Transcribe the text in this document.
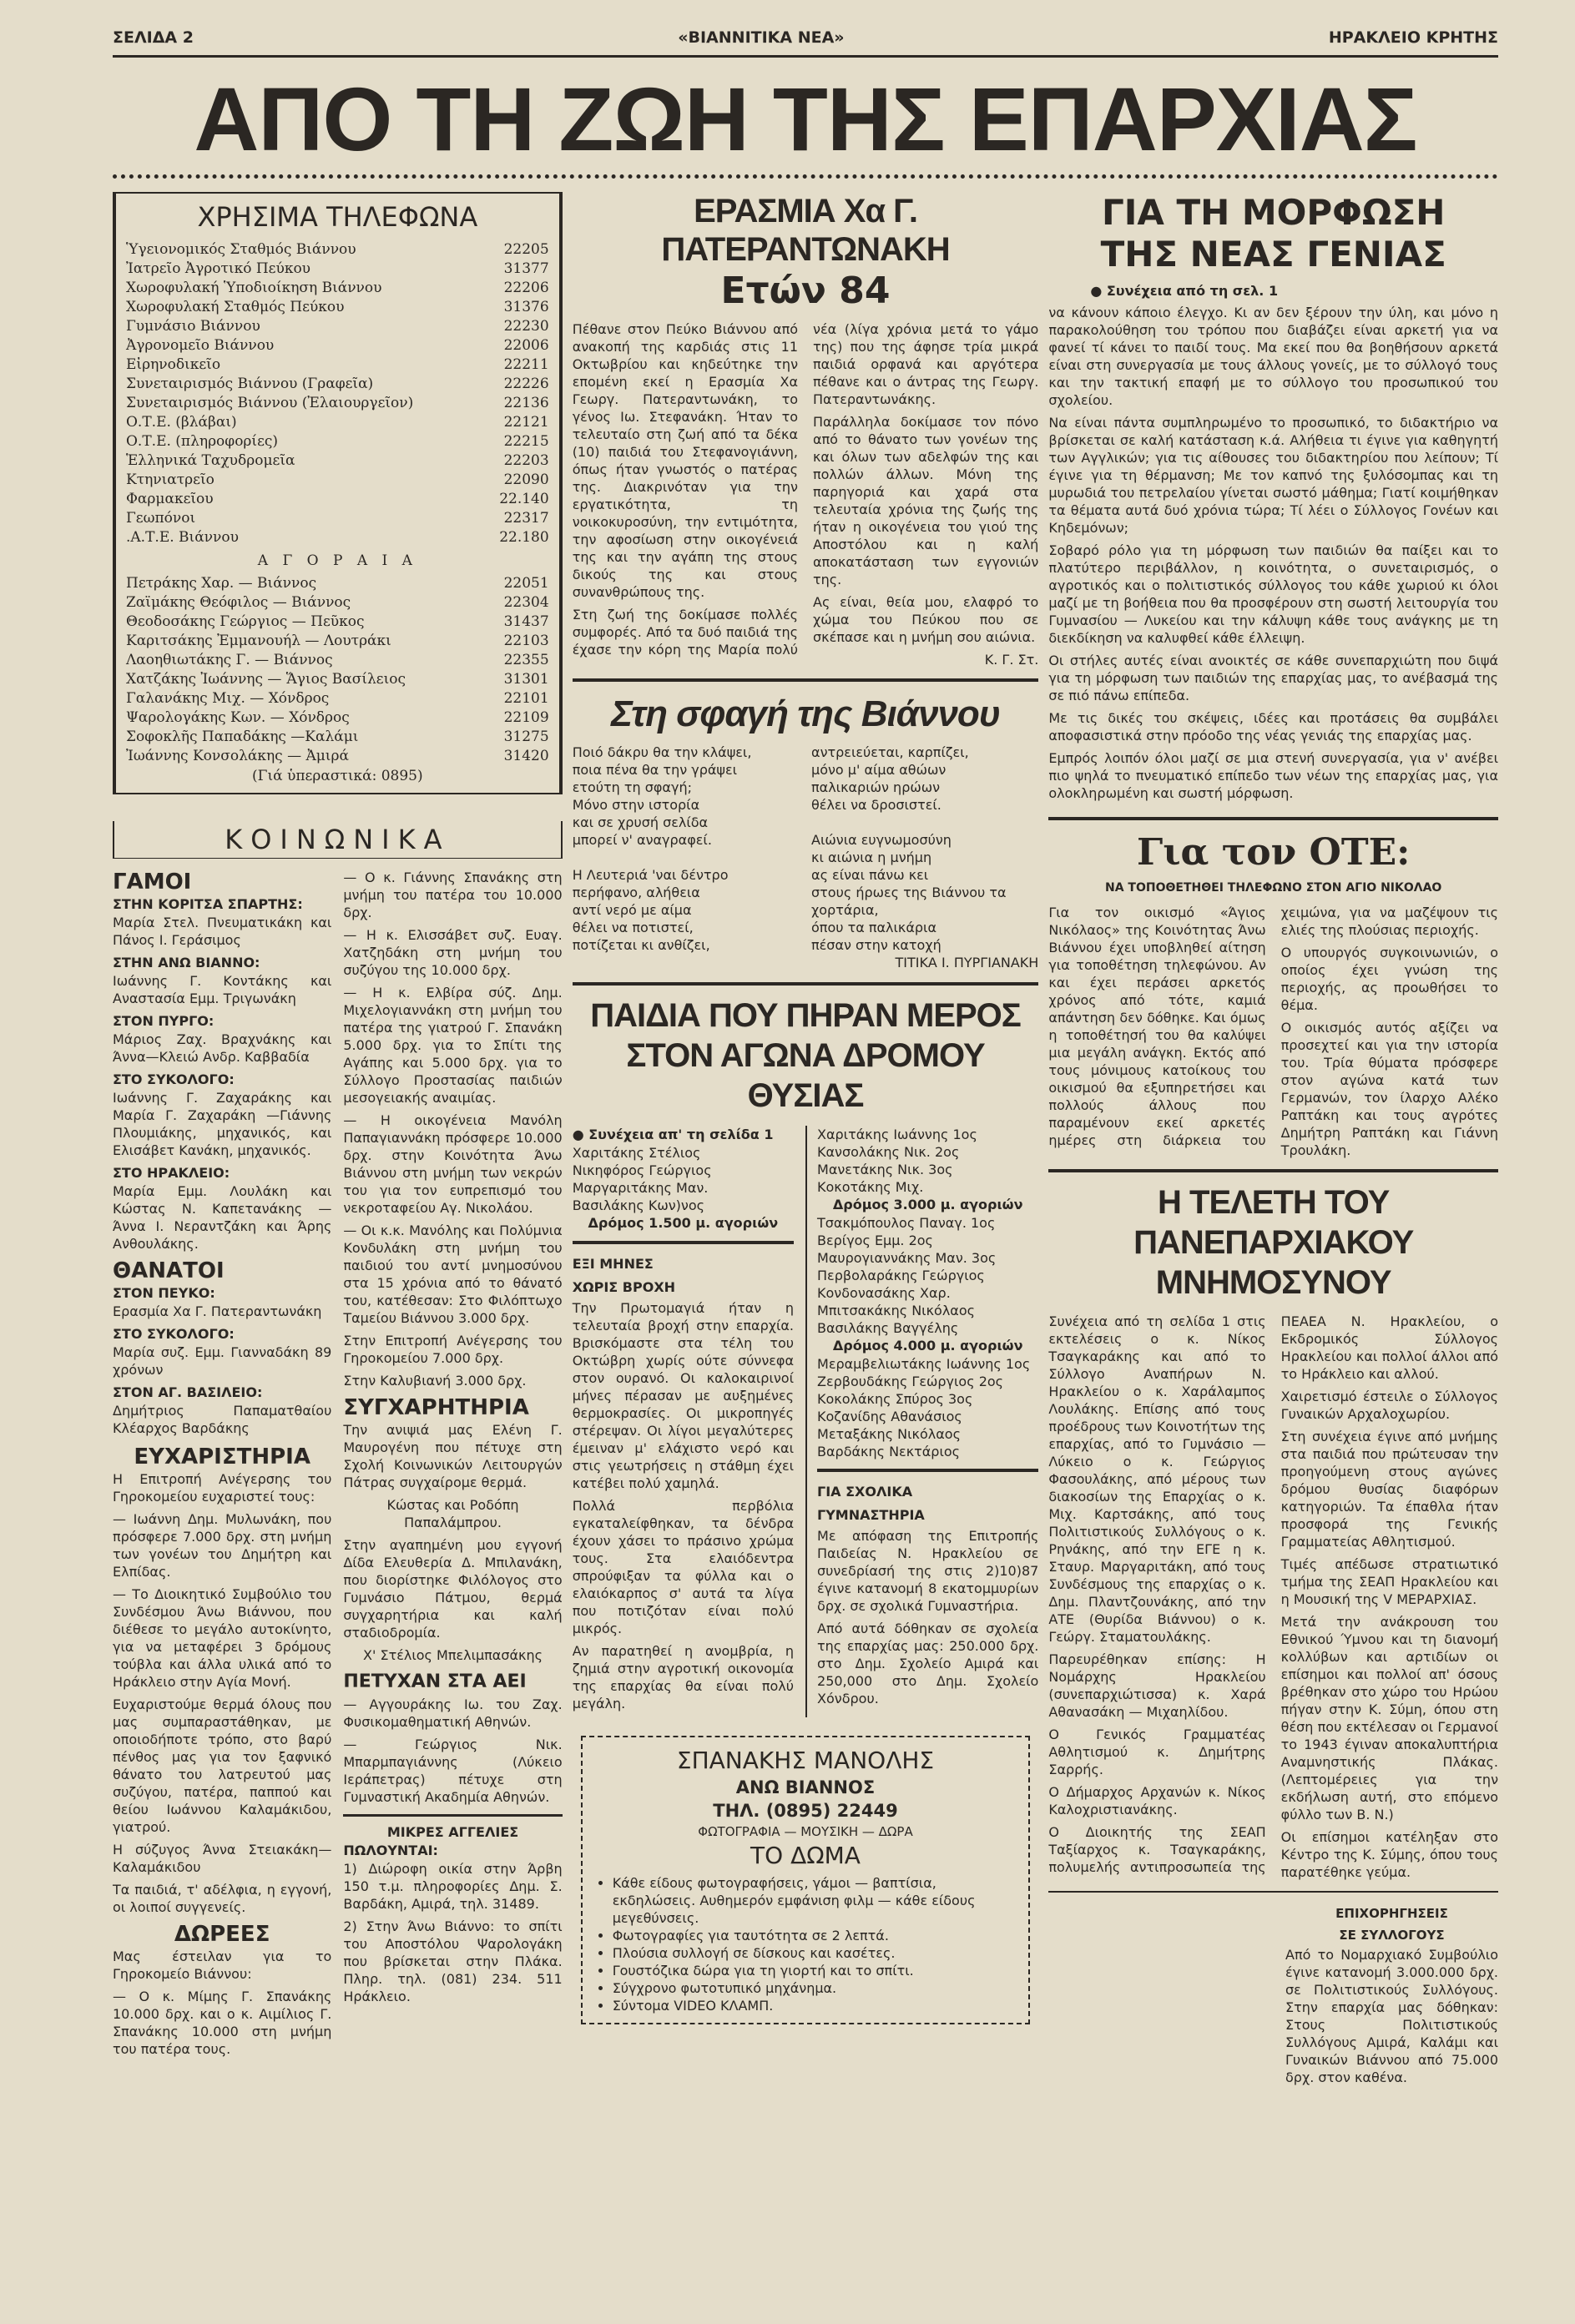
ΣΕΛΙΔΑ 2	«ΒΙΑΝΝΙΤΙΚΑ ΝΕΑ»	ΗΡΑΚΛΕΙΟ ΚΡΗΤΗΣ
ΑΠΟ ΤΗ ΖΩΗ ΤΗΣ ΕΠΑΡΧΙΑΣ
ΧΡΗΣΙΜΑ ΤΗΛΕΦΩΝΑ
Ὑγειονομικός Σταθμός Βιάννου	22205
Ἰατρεῖο Ἀγροτικό Πεύκου	31377
Χωροφυλακή Ὑποδιοίκηση Βιάννου	22206
Χωροφυλακή Σταθμός Πεύκου	31376
Γυμνάσιο Βιάννου	22230
Ἀγρονομεῖο Βιάννου	22006
Εἰρηνοδικεῖο	22211
Συνεταιρισμός Βιάννου (Γραφεῖα)	22226
Συνεταιρισμός Βιάννου (Ἐλαιουργεῖον)	22136
Ο.Τ.Ε. (βλάβαι)	22121
Ο.Τ.Ε. (πληροφορίες)	22215
Ἑλληνικά Ταχυδρομεῖα	22203
Κτηνιατρεῖο	22090
Φαρμακεῖου	22.140
Γεωπόνοι	22317
.Α.Τ.Ε. Βιάννου	22.180
Α Γ Ο Ρ Α Ι Α
Πετράκης Χαρ. — Βιάννος	22051
Ζαϊμάκης Θεόφιλος — Βιάννος	22304
Θεοδοσάκης Γεώργιος — Πεῦκος	31437
Καριτσάκης Ἐμμανουήλ — Λουτράκι	22103
Λαοηθιωτάκης Γ. — Βιάννος	22355
Χατζάκης Ἰωάννης — Ἅγιος Βασίλειος	31301
Γαλανάκης Μιχ. — Χόνδρος	22101
Ψαρολογάκης Κων. — Χόνδρος	22109
Σοφοκλῆς Παπαδάκης —Καλάμι	31275
Ἰωάννης Κονσολάκης — Ἀμιρά	31420
(Γιά ὑπεραστικά: 0895)
ΚΟΙΝΩΝΙΚΑ
ΓΑΜΟΙ
ΣΤΗΝ ΚΟΡΙΤΣΑ ΣΠΑΡΤΗΣ:

Μαρία Στελ. Πνευματικάκη και Πάνος Ι. Γεράσιμος

ΣΤΗΝ ΑΝΩ ΒΙΑΝΝΟ:

Ιωάννης Γ. Κοντάκης και Αναστασία Εμμ. Τριγωνάκη

ΣΤΟΝ ΠΥΡΓΟ:

Μάριος Ζαχ. Βραχνάκης και Άννα—Κλειώ Ανδρ. Καββαδία

ΣΤΟ ΣΥΚΟΛΟΓΟ:

Ιωάννης Γ. Ζαχαράκης και Μαρία Γ. Ζαχαράκη —Γιάννης Πλουμιάκης, μηχανικός, και Ελισάβετ Κανάκη, μηχανικός.

ΣΤΟ ΗΡΑΚΛΕΙΟ:

Μαρία Εμμ. Λουλάκη και Κώστας Ν. Καπετανάκης — Άννα Ι. Νεραντζάκη και Άρης Ανθουλάκης.

ΘΑΝΑΤΟΙ
ΣΤΟΝ ΠΕΥΚΟ:

Ερασμία Χα Γ. Πατεραντωνάκη

ΣΤΟ ΣΥΚΟΛΟΓΟ:

Μαρία συζ. Εμμ. Γιανναδάκη 89 χρόνων

ΣΤΟΝ ΑΓ. ΒΑΣΙΛΕΙΟ:

Δημήτριος Παπαματθαίου Κλέαρχος Βαρδάκης

ΕΥΧΑΡΙΣΤΗΡΙΑ

Η Επιτροπή Ανέγερσης του Γηροκομείου ευχαριστεί τους:

— Ιωάννη Δημ. Μυλωνάκη, που πρόσφερε 7.000 δρχ. στη μνήμη των γονέων του Δημήτρη και Ελπίδας.

— Το Διοικητικό Συμβούλιο του Συνδέσμου Άνω Βιάννου, που διέθεσε το μεγάλο αυτοκίνητο, για να μεταφέρει 3 δρόμους τούβλα και άλλα υλικά από το Ηράκλειο στην Αγία Μονή.

Ευχαριστούμε θερμά όλους που μας συμπαραστάθηκαν, με οποιοδήποτε τρόπο, στο βαρύ πένθος μας για τον ξαφνικό θάνατο του λατρευτού μας συζύγου, πατέρα, παππού και θείου Ιωάννου Καλαμάκιδου, γιατρού.

Η σύζυγος Άννα Στειακάκη—Καλαμάκιδου

Τα παιδιά, τ' αδέλφια, η εγγονή, οι λοιποί συγγενείς.

ΔΩΡΕΕΣ

Μας έστειλαν για το Γηροκομείο Βιάννου:

— Ο κ. Μίμης Γ. Σπανάκης 10.000 δρχ. και ο κ. Αιμίλιος Γ. Σπανάκης 10.000 στη μνήμη του πατέρα τους.

— Ο κ. Γιάννης Σπανάκης στη μνήμη του πατέρα του 10.000 δρχ.

— Η κ. Ελισσάβετ συζ. Ευαγ. Χατζηδάκη στη μνήμη του συζύγου της 10.000 δρχ.

— Η κ. Ελβίρα σύζ. Δημ. Μιχελογιαννάκη στη μνήμη του πατέρα της γιατρού Γ. Σπανάκη 5.000 δρχ. για το Σπίτι της Αγάπης και 5.000 δρχ. για το Σύλλογο Προστασίας παιδιών μεσογειακής αναιμίας.

— Η οικογένεια Μανόλη Παπαγιαννάκη πρόσφερε 10.000 δρχ. στην Κοινότητα Άνω Βιάννου στη μνήμη των νεκρών του για τον ευπρεπισμό του νεκροταφείου Αγ. Νικολάου.

— Οι κ.κ. Μανόλης και Πολύμνια Κονδυλάκη στη μνήμη του παιδιού του αντί μνημοσύνου στα 15 χρόνια από το θάνατό του, κατέθεσαν: Στο Φιλόπτωχο Ταμείου Βιάννου 3.000 δρχ.

Στην Επιτροπή Ανέγερσης του Γηροκομείου 7.000 δρχ.

Στην Καλυβιανή 3.000 δρχ.

ΣΥΓΧΑΡΗΤΗΡΙΑ

Την ανιψιά μας Ελένη Γ. Μαυρογένη που πέτυχε στη Σχολή Κοινωνικών Λειτουργών Πάτρας συγχαίρομε θερμά.

Κώστας και Ροδόπη Παπαλάμπρου.

Στην αγαπημένη μου εγγονή Δίδα Ελευθερία Δ. Μπιλανάκη, που διορίστηκε Φιλόλογος στο Γυμνάσιο Πάτμου, θερμά συγχαρητήρια και καλή σταδιοδρομία.

Χ' Στέλιος Μπελιμπασάκης

ΠΕΤΥΧΑΝ ΣΤΑ ΑΕΙ

— Αγγουράκης Ιω. του Ζαχ. Φυσικομαθηματική Αθηνών.

— Γεώργιος Νικ. Μπαρμπαγιάννης (Λύκειο Ιεράπετρας) πέτυχε στη Γυμναστική Ακαδημία Αθηνών.

ΜΙΚΡΕΣ ΑΓΓΕΛΙΕΣ
ΠΩΛΟΥΝΤΑΙ:

1) Διώροφη οικία στην Άρβη 150 τ.μ. πληροφορίες Δημ. Σ. Βαρδάκη, Αμιρά, τηλ. 31489.

2) Στην Άνω Βιάννο: το σπίτι του Αποστόλου Ψαρολογάκη που βρίσκεται στην Πλάκα. Πληρ. τηλ. (081) 234. 511 Ηράκλειο.

ΕΡΑΣΜΙΑ Χα Γ. ΠΑΤΕΡΑΝΤΩΝΑΚΗ
Ετών 84

Πέθανε στον Πεύκο Βιάννου από ανακοπή της καρδιάς στις 11 Οκτωβρίου και κηδεύτηκε την επομένη εκεί η Ερασμία Χα Γεωργ. Πατεραντωνάκη, το γένος Ιω. Στεφανάκη. Ήταν το τελευταίο στη ζωή από τα δέκα (10) παιδιά του Στεφανογιάννη, όπως ήταν γνωστός ο πατέρας της. Διακρινόταν για την εργατικότητα, τη νοικοκυροσύνη, την εντιμότητα, την αφοσίωση στην οικογένειά της και την αγάπη της στους δικούς της και στους συνανθρώπους της.

Στη ζωή της δοκίμασε πολλές συμφορές. Από τα δυό παιδιά της έχασε την κόρη της Μαρία πολύ νέα (λίγα χρόνια μετά το γάμο της) που της άφησε τρία μικρά παιδιά ορφανά και αργότερα πέθανε και ο άντρας της Γεωργ. Πατεραντωνάκης.

Παράλληλα δοκίμασε τον πόνο από το θάνατο των γονέων της και όλων των αδελφών της και πολλών άλλων. Μόνη της παρηγοριά και χαρά στα τελευταία χρόνια της ζωής της ήταν η οικογένεια του γιού της Αποστόλου και η καλή αποκατάσταση των εγγονιών της.

Ας είναι, θεία μου, ελαφρό το χώμα του Πεύκου που σε σκέπασε και η μνήμη σου αιώνια.

Κ. Γ. Στ.

Στη σφαγή της Βιάννου
Ποιό δάκρυ θα την κλάψει,
ποια πένα θα την γράψει
ετούτη τη σφαγή;
Μόνο στην ιστορία
και σε χρυσή σελίδα
μπορεί ν' αναγραφεί.

Η Λευτεριά 'ναι δέντρο
περήφανο, αλήθεια
αντί νερό με αίμα
θέλει να ποτιστεί,
ποτίζεται κι ανθίζει,
αντρειεύεται, καρπίζει,
μόνο μ' αίμα αθώων
παλικαριών ηρώων
θέλει να δροσιστεί.

Αιώνια ευγνωμοσύνη
κι αιώνια η μνήμη
ας είναι πάνω κει
στους ήρωες της Βιάννου τα χορτάρια,
όπου τα παλικάρια
πέσαν στην κατοχή
ΤΙΤΙΚΑ Ι. ΠΥΡΓΙΑΝΑΚΗ
ΠΑΙΔΙΑ ΠΟΥ ΠΗΡΑΝ ΜΕΡΟΣ
ΣΤΟΝ ΑΓΩΝΑ ΔΡΟΜΟΥ ΘΥΣΙΑΣ
● Συνέχεια απ' τη σελίδα 1
Χαριτάκης Στέλιος
Νικηφόρος Γεώργιος
Μαργαριτάκης Μαν.
Βασιλάκης Κων)νος
Δρόμος 1.500 μ. αγοριών
ΕΞΙ ΜΗΝΕΣ
ΧΩΡΙΣ ΒΡΟΧΗ

Την Πρωτομαγιά ήταν η τελευταία βροχή στην επαρχία. Βρισκόμαστε στα τέλη του Οκτώβρη χωρίς ούτε σύννεφα στον ουρανό. Οι καλοκαιρινοί μήνες πέρασαν με αυξημένες θερμοκρασίες. Οι μικροπηγές στέρεψαν. Οι λίγοι μεγαλύτερες έμειναν μ' ελάχιστο νερό και στις γεωτρήσεις η στάθμη έχει κατέβει πολύ χαμηλά.

Πολλά περβόλια εγκαταλείφθηκαν, τα δένδρα έχουν χάσει το πράσινο χρώμα τους. Στα ελαιόδεντρα σπρούφιξαν τα φύλλα και ο ελαιόκαρπος σ' αυτά τα λίγα που ποτιζόταν είναι πολύ μικρός.

Αν παρατηθεί η ανομβρία, η ζημιά στην αγροτική οικονομία της επαρχίας θα είναι πολύ μεγάλη.

Χαριτάκης Ιωάννης 1ος
Κανσολάκης Νικ. 2ος
Μανετάκης Νικ. 3ος
Κοκοτάκης Μιχ.
Δρόμος 3.000 μ. αγοριών
Τσακμόπουλος Παναγ. 1ος
Βερίγος Εμμ. 2ος
Μαυρογιαννάκης Μαν. 3ος
Περβολαράκης Γεώργιος
Κονδονασάκης Χαρ.
Μπιτσακάκης Νικόλαος
Βασιλάκης Βαγγέλης
Δρόμος 4.000 μ. αγοριών
Μεραμβελιωτάκης Ιωάννης 1ος
Ζερβουδάκης Γεώργιος 2ος
Κοκολάκης Σπύρος 3ος
Κοζανίδης Αθανάσιος
Μεταξάκης Νικόλαος
Βαρδάκης Νεκτάριος
ΓΙΑ ΣΧΟΛΙΚΑ
ΓΥΜΝΑΣΤΗΡΙΑ

Με απόφαση της Επιτροπής Παιδείας Ν. Ηρακλείου σε συνεδρίασή της στις 2)10)87 έγινε κατανομή 8 εκατομμυρίων δρχ. σε σχολικά Γυμναστήρια.

Από αυτά δόθηκαν σε σχολεία της επαρχίας μας: 250.000 δρχ. στο Δημ. Σχολείο Αμιρά και 250,000 στο Δημ. Σχολείο Χόνδρου.

ΣΠΑΝΑΚΗΣ ΜΑΝΟΛΗΣ
ΑΝΩ ΒΙΑΝΝΟΣ
ΤΗΛ. (0895) 22449
ΦΩΤΟΓΡΑΦΙΑ — ΜΟΥΣΙΚΗ — ΔΩΡΑ
ΤΟ ΔΩΜΑ
• Κάθε είδους φωτογραφήσεις, γάμοι — βαπτίσια, εκδηλώσεις. Αυθημερόν εμφάνιση φιλμ — κάθε είδους μεγεθύνσεις.
• Φωτογραφίες για ταυτότητα σε 2 λεπτά.
• Πλούσια συλλογή σε δίσκους και κασέτες.
• Γουστόζικα δώρα για τη γιορτή και το σπίτι.
• Σύγχρονο φωτοτυπικό μηχάνημα.
• Σύντομα VIDEO ΚΛΑΜΠ.
ΓΙΑ ΤΗ ΜΟΡΦΩΣΗ
ΤΗΣ ΝΕΑΣ ΓΕΝΙΑΣ
● Συνέχεια από τη σελ. 1

να κάνουν κάποιο έλεγχο. Κι αν δεν ξέρουν την ύλη, και μόνο η παρακολούθηση του τρόπου που διαβάζει είναι αρκετή για να φανεί τί κάνει το παιδί τους. Μα εκεί που θα βοηθήσουν αρκετά είναι στη συνεργασία με τους άλλους γονείς, με το σύλλογό τους και την τακτική επαφή με το σύλλογο του προσωπικού του σχολείου.

Να είναι πάντα συμπληρωμένο το προσωπικό, το διδακτήριο να βρίσκεται σε καλή κατάσταση κ.ά. Αλήθεια τι έγινε για καθηγητή των Αγγλικών; για τις αίθουσες του διδακτηρίου που λείπουν; Τί έγινε για τη θέρμανση; Με τον καπνό της ξυλόσομπας και τη μυρωδιά του πετρελαίου γίνεται σωστό μάθημα; Γιατί κοιμήθηκαν τα θέματα αυτά δυό χρόνια τώρα; Τί λέει ο Σύλλογος Γονέων και Κηδεμόνων;

Σοβαρό ρόλο για τη μόρφωση των παιδιών θα παίξει και το πλατύτερο περιβάλλον, η κοινότητα, ο συνεταιρισμός, ο αγροτικός και ο πολιτιστικός σύλλογος του κάθε χωριού κι όλοι μαζί με τη βοήθεια που θα προσφέρουν στη σωστή λειτουργία του Γυμνασίου — Λυκείου και την κάλυψη κάθε τους ανάγκης με τη διεκδίκηση να καλυφθεί κάθε έλλειψη.

Οι στήλες αυτές είναι ανοικτές σε κάθε συνεπαρχιώτη που διψά για τη μόρφωση των παιδιών της επαρχίας μας, το ανέβασμά της σε πιό πάνω επίπεδα.

Με τις δικές του σκέψεις, ιδέες και προτάσεις θα συμβάλει αποφασιστικά στην πρόοδο της νέας γενιάς της επαρχίας μας.

Εμπρός λοιπόν όλοι μαζί σε μια στενή συνεργασία, για ν' ανέβει πιο ψηλά το πνευματικό επίπεδο των νέων της επαρχίας μας, για ολοκληρωμένη και σωστή μόρφωση.

Για τον ΟΤΕ:
ΝΑ ΤΟΠΟΘΕΤΗΘΕΙ ΤΗΛΕΦΩΝΟ ΣΤΟΝ ΑΓΙΟ ΝΙΚΟΛΑΟ

Για τον οικισμό «Άγιος Νικόλαος» της Κοινότητας Άνω Βιάννου έχει υποβληθεί αίτηση για τοποθέτηση τηλεφώνου. Αν και έχει περάσει αρκετός χρόνος από τότε, καμιά απάντηση δεν δόθηκε. Και όμως η τοποθέτησή του θα καλύψει μια μεγάλη ανάγκη. Εκτός από τους μόνιμους κατοίκους του οικισμού θα εξυπηρετήσει και πολλούς άλλους που παραμένουν εκεί αρκετές ημέρες στη διάρκεια του χειμώνα, για να μαζέψουν τις ελιές της πλούσιας περιοχής.

Ο υπουργός συγκοινωνιών, ο οποίος έχει γνώση της περιοχής, ας προωθήσει το θέμα.

Ο οικισμός αυτός αξίζει να προσεχτεί και για την ιστορία του. Τρία θύματα πρόσφερε στον αγώνα κατά των Γερμανών, τον ίλαρχο Αλέκο Ραπτάκη και τους αγρότες Δημήτρη Ραπτάκη και Γιάννη Τρουλάκη.

Η ΤΕΛΕΤΗ ΤΟΥ
ΠΑΝΕΠΑΡΧΙΑΚΟΥ ΜΝΗΜΟΣΥΝΟΥ

Συνέχεια από τη σελίδα 1 στις εκτελέσεις ο κ. Νίκος Τσαγκαράκης και από το Σύλλογο Αναπήρων Ν. Ηρακλείου ο κ. Χαράλαμπος Λουλάκης. Επίσης από τους προέδρους των Κοινοτήτων της επαρχίας, από το Γυμνάσιο — Λύκειο ο κ. Γεώργιος Φασουλάκης, από μέρους των διακοσίων της Επαρχίας ο κ. Μιχ. Καρτσάκης, από τους Πολιτιστικούς Συλλόγους ο κ. Ρηνάκης, από την ΕΓΕ η κ. Σταυρ. Μαργαριτάκη, από τους Συνδέσμους της επαρχίας ο κ. Δημ. Πλαντζουνάκης, από την ΑΤΕ (Θυρίδα Βιάννου) ο κ. Γεώργ. Σταματουλάκης.

Παρευρέθηκαν επίσης: Η Νομάρχης Ηρακλείου (συνεπαρχιώτισσα) κ. Χαρά Αθανασάκη — Μιχαηλίδου.

Ο Γενικός Γραμματέας Αθλητισμού κ. Δημήτρης Σαρρής.

Ο Δήμαρχος Αρχανών κ. Νίκος Καλοχριστιανάκης.

Ο Διοικητής της ΣΕΑΠ Ταξίαρχος κ. Τσαγκαράκης, πολυμελής αντιπροσωπεία της ΠΕΑΕΑ Ν. Ηρακλείου, ο Εκδρομικός Σύλλογος Ηρακλείου και πολλοί άλλοι από το Ηράκλειο και αλλού.

Χαιρετισμό έστειλε ο Σύλλογος Γυναικών Αρχαλοχωρίου.

Στη συνέχεια έγινε από μνήμης στα παιδιά που πρώτευσαν την προηγούμενη στους αγώνες δρόμου θυσίας διαφόρων κατηγοριών. Τα έπαθλα ήταν προσφορά της Γενικής Γραμματείας Αθλητισμού.

Τιμές απέδωσε στρατιωτικό τμήμα της ΣΕΑΠ Ηρακλείου και η Μουσική της V ΜΕΡΑΡΧΙΑΣ.

Μετά την ανάκρουση του Εθνικού Ύμνου και τη διανομή κολλύβων και αρτιδίων οι επίσημοι και πολλοί απ' όσους βρέθηκαν στο χώρο του Ηρώου πήγαν στην Κ. Σύμη, όπου στη θέση που εκτέλεσαν οι Γερμανοί το 1943 έγιναν αποκαλυπτήρια Αναμνηστικής Πλάκας. (Λεπτομέρειες για την εκδήλωση αυτή, στο επόμενο φύλλο των Β. Ν.)

Οι επίσημοι κατέληξαν στο Κέντρο της Κ. Σύμης, όπου τους παρατέθηκε γεύμα.

ΕΠΙΧΟΡΗΓΗΣΕΙΣ
ΣΕ ΣΥΛΛΟΓΟΥΣ

Από το Νομαρχιακό Συμβούλιο έγινε κατανομή 3.000.000 δρχ. σε Πολιτιστικούς Συλλόγους. Στην επαρχία μας δόθηκαν: Στους Πολιτιστικούς Συλλόγους Αμιρά, Καλάμι και Γυναικών Βιάννου από 75.000 δρχ. στον καθένα.
